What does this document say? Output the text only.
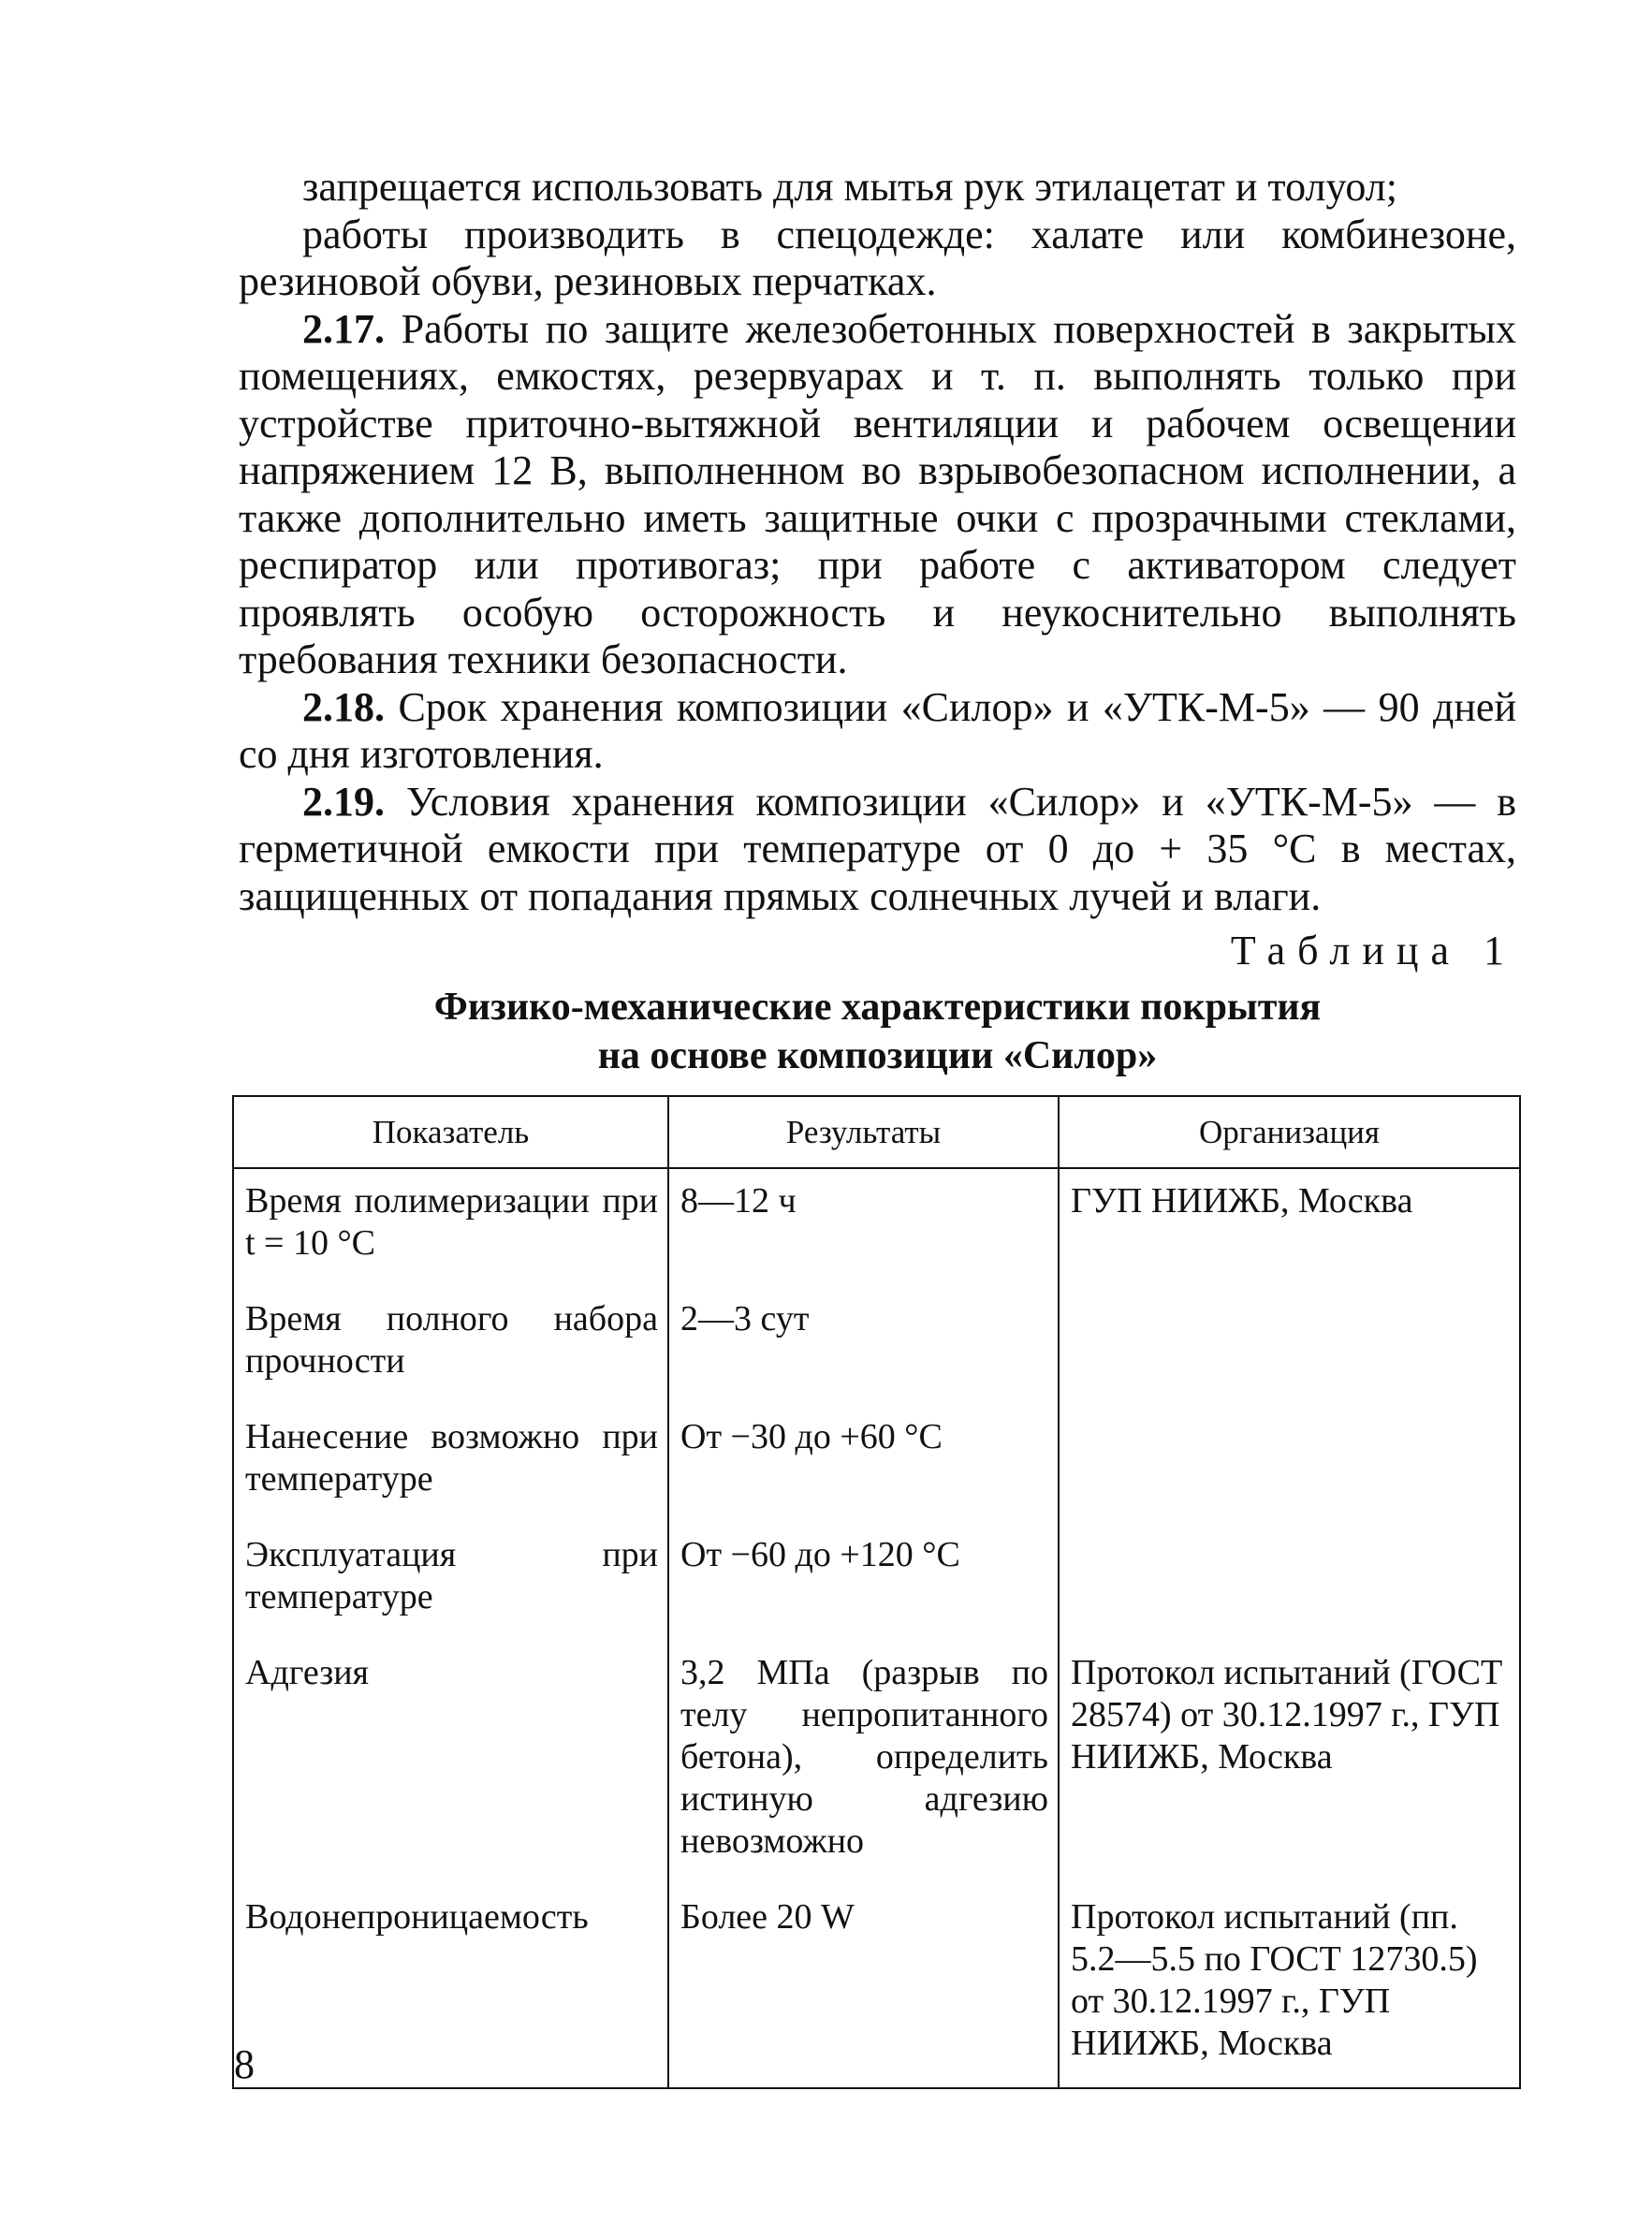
запрещается использовать для мытья рук этилацетат и толуол;

работы производить в спецодежде: халате или комбинезоне, резиновой обуви, резиновых перчатках.

2.17. Работы по защите железобетонных поверхностей в закрытых помещениях, емкостях, резервуарах и т. п. выполнять только при устройстве приточно-вытяжной вентиляции и рабочем освещении напряжением 12 В, выполненном во взрывобезопасном исполнении, а также дополнительно иметь защитные очки с прозрачными стеклами, респиратор или противогаз; при работе с активатором следует проявлять особую осторожность и неукоснительно выполнять требования техники безопасности.

2.18. Срок хранения композиции «Силор» и «УТК-М-5» — 90 дней со дня изготовления.

2.19. Условия хранения композиции «Силор» и «УТК-М-5» — в герметичной емкости при температуре от 0 до + 35 °С в местах, защищенных от попадания прямых солнечных лучей и влаги.

Таблица 1
Физико-механические характеристики покрытия
на основе композиции «Силор»
Показатель	Результаты	Организация
Время полимеризации при t = 10 °С	8—12 ч	ГУП НИИЖБ, Москва
Время полного набора прочности	2—3 сут	
Нанесение возможно при температуре	От −30 до +60 °С	
Эксплуатация при температуре	От −60 до +120 °С	
Адгезия	3,2 МПа (разрыв по телу непропитанного бетона), определить истиную адгезию невозможно	Протокол испытаний (ГОСТ 28574) от 30.12.1997 г., ГУП НИИЖБ, Москва
Водонепроницаемость	Более 20 W	Протокол испытаний (пп. 5.2—5.5 по ГОСТ 12730.5) от 30.12.1997 г., ГУП НИИЖБ, Москва
8
